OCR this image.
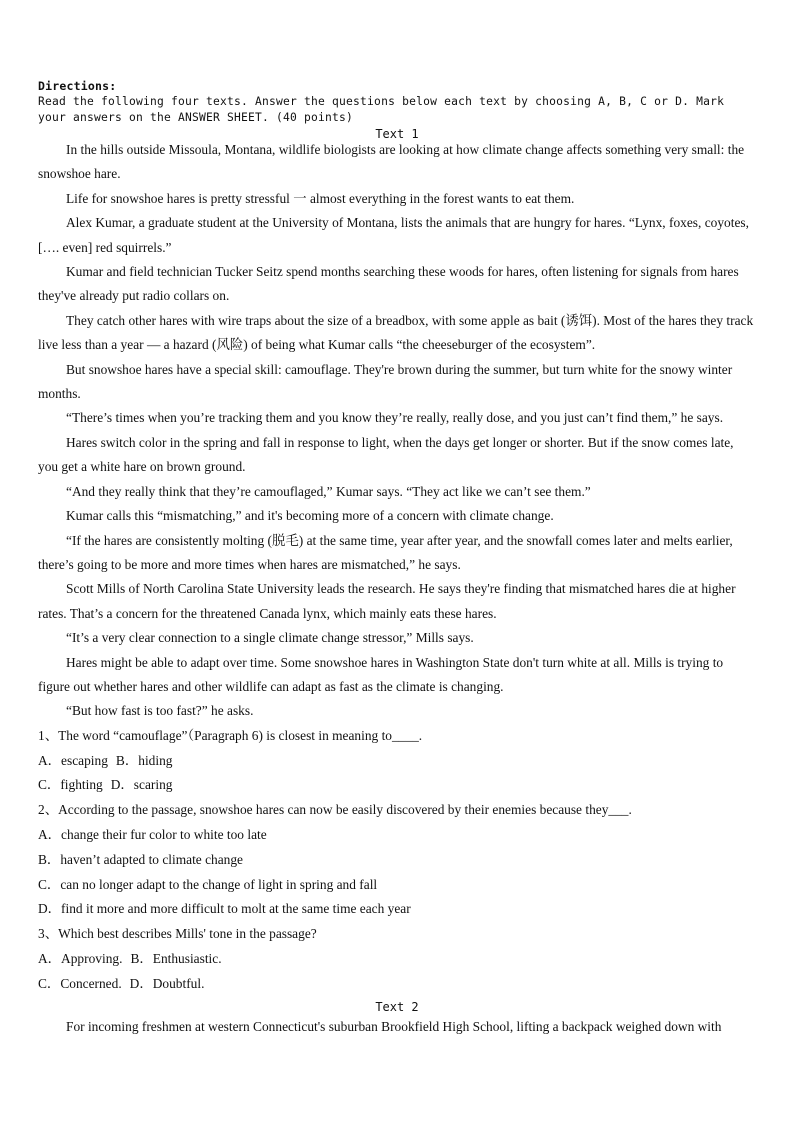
Directions:
Read the following four texts. Answer the questions below each text by choosing A, B, C or D. Mark
your answers on the ANSWER SHEET. (40 points)
Text 1

In the hills outside Missoula, Montana, wildlife biologists are looking at how climate change affects something very small: the snowshoe hare.

Life for snowshoe hares is pretty stressful 一 almost everything in the forest wants to eat them.

Alex Kumar, a graduate student at the University of Montana, lists the animals that are hungry for hares. “Lynx, foxes, coyotes, […. even] red squirrels.”

Kumar and field technician Tucker Seitz spend months searching these woods for hares, often listening for signals from hares they've already put radio collars on.

They catch other hares with wire traps about the size of a breadbox, with some apple as bait (诱饵). Most of the hares they track live less than a year — a hazard (风险) of being what Kumar calls “the cheeseburger of the ecosystem”.

But snowshoe hares have a special skill: camouflage. They're brown during the summer, but turn white for the snowy winter months.

“There’s times when you’re tracking them and you know they’re really, really dose, and you just can’t find them,” he says.

Hares switch color in the spring and fall in response to light, when the days get longer or shorter. But if the snow comes late, you get a white hare on brown ground.

“And they really think that they’re camouflaged,” Kumar says. “They act like we can’t see them.”

Kumar calls this “mismatching,” and it's becoming more of a concern with climate change.

“If the hares are consistently molting (脱毛) at the same time, year after year, and the snowfall comes later and melts earlier, there’s going to be more and more times when hares are mismatched,” he says.

Scott Mills of North Carolina State University leads the research. He says they're finding that mismatched hares die at higher rates. That’s a concern for the threatened Canada lynx, which mainly eats these hares.

“It’s a very clear connection to a single climate change stressor,” Mills says.

Hares might be able to adapt over time. Some snowshoe hares in Washington State don't turn white at all. Mills is trying to figure out whether hares and other wildlife can adapt as fast as the climate is changing.

“But how fast is too fast?” he asks.

1、The word “camouflage”（Paragraph 6) is closest in meaning to____.

A．escaping B．hiding

C．fighting D．scaring

2、According to the passage, snowshoe hares can now be easily discovered by their enemies because they___.

A．change their fur color to white too late

B．haven’t adapted to climate change

C．can no longer adapt to the change of light in spring and fall

D．find it more and more difficult to molt at the same time each year

3、Which best describes Mills' tone in the passage?

A．Approving. B．Enthusiastic.

C．Concerned. D．Doubtful.

Text 2

For incoming freshmen at western Connecticut's suburban Brookfield High School, lifting a backpack weighed down with
